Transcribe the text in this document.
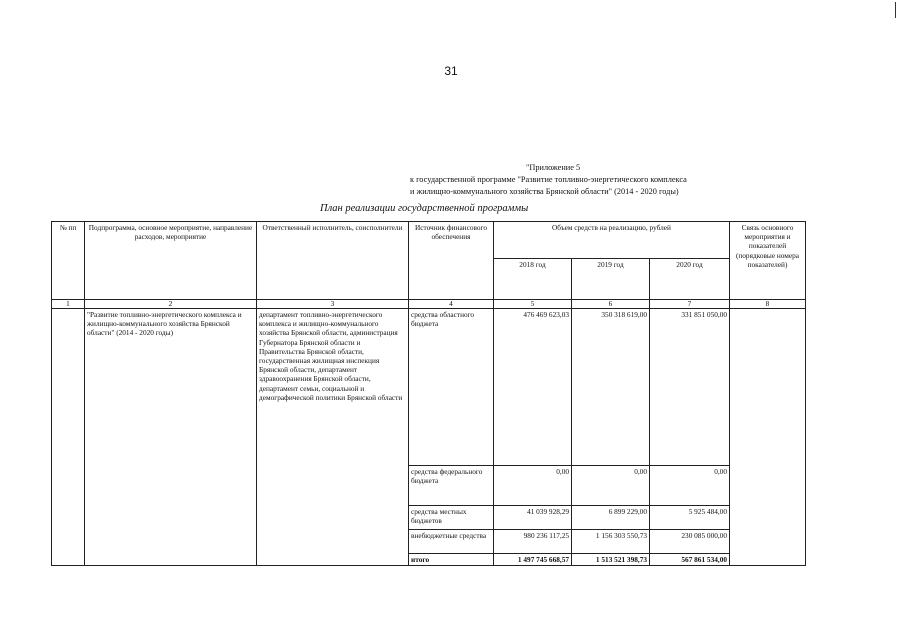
31
"Приложение 5
к государственной программе "Развитие топливно-энергетического комплекса
и жилищно-коммунального хозяйства Брянской области" (2014 - 2020 годы)
План реализации государственной программы
№ пп	Подпрограмма, основное мероприятие, направление расходов, мероприятие	Ответственный исполнитель, соисполнители	Источник финансового обеспечения	Объем средств на реализацию, рублей			Связь основного мероприятия и показателей (порядковые номера показателей)
				2018 год	2019 год	2020 год	
1	2	3	4	5	6	7	8
	"Развитие топливно-энергетического комплекса и жилищно-коммунального хозяйства Брянской области" (2014 - 2020 годы)	департамент топливно-энергетического комплекса и жилищно-коммунального хозяйства Брянской области, администрация Губернатора Брянской области и Правительства Брянской области, государственная жилищная инспекция Брянской области, департамент здравоохранения Брянской области, департамент семьи, социальной и демографической политики Брянской области	средства областного бюджета	476 469 623,03	350 318 619,00	331 851 050,00	
			средства федерального бюджета	0,00	0,00	0,00	
			средства местных бюджетов	41 039 928,29	6 899 229,00	5 925 484,00	
			внебюджетные средства	980 236 117,25	1 156 303 550,73	230 085 000,00	
			итого	1 497 745 668,57	1 513 521 398,73	567 861 534,00	
